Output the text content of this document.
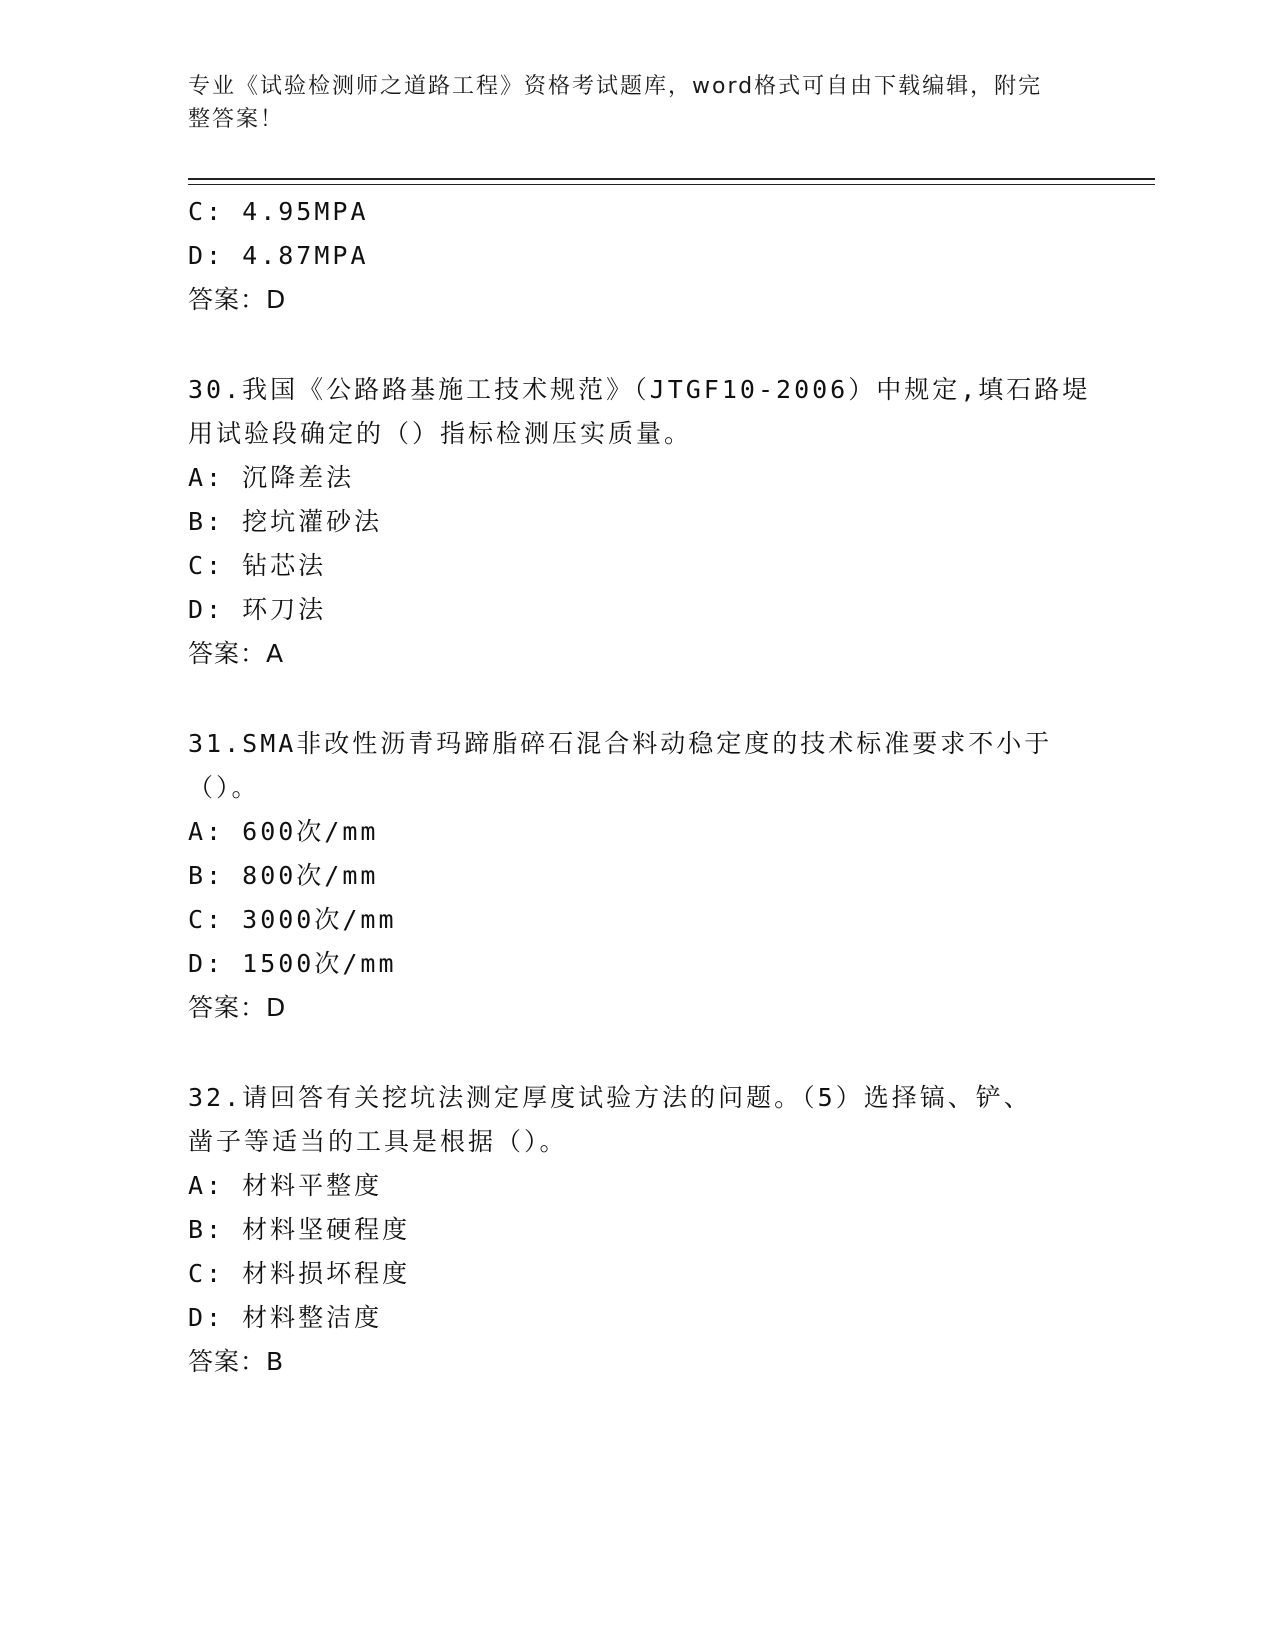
专业《试验检测师之道路工程》资格考试题库，word格式可自由下载编辑，附完
整答案！
C: 4.95MPA
D: 4.87MPA
答案：D
30.我国《公路路基施工技术规范》（JTGF10-2006）中规定,填石路堤
用试验段确定的（）指标检测压实质量。
A: 沉降差法
B: 挖坑灌砂法
C: 钻芯法
D: 环刀法
答案：A
31.SMA非改性沥青玛蹄脂碎石混合料动稳定度的技术标准要求不小于
（）。
A: 600次/mm
B: 800次/mm
C: 3000次/mm
D: 1500次/mm
答案：D
32.请回答有关挖坑法测定厚度试验方法的问题。（5）选择镐、铲、
凿子等适当的工具是根据（）。
A: 材料平整度
B: 材料坚硬程度
C: 材料损坏程度
D: 材料整洁度
答案：B
